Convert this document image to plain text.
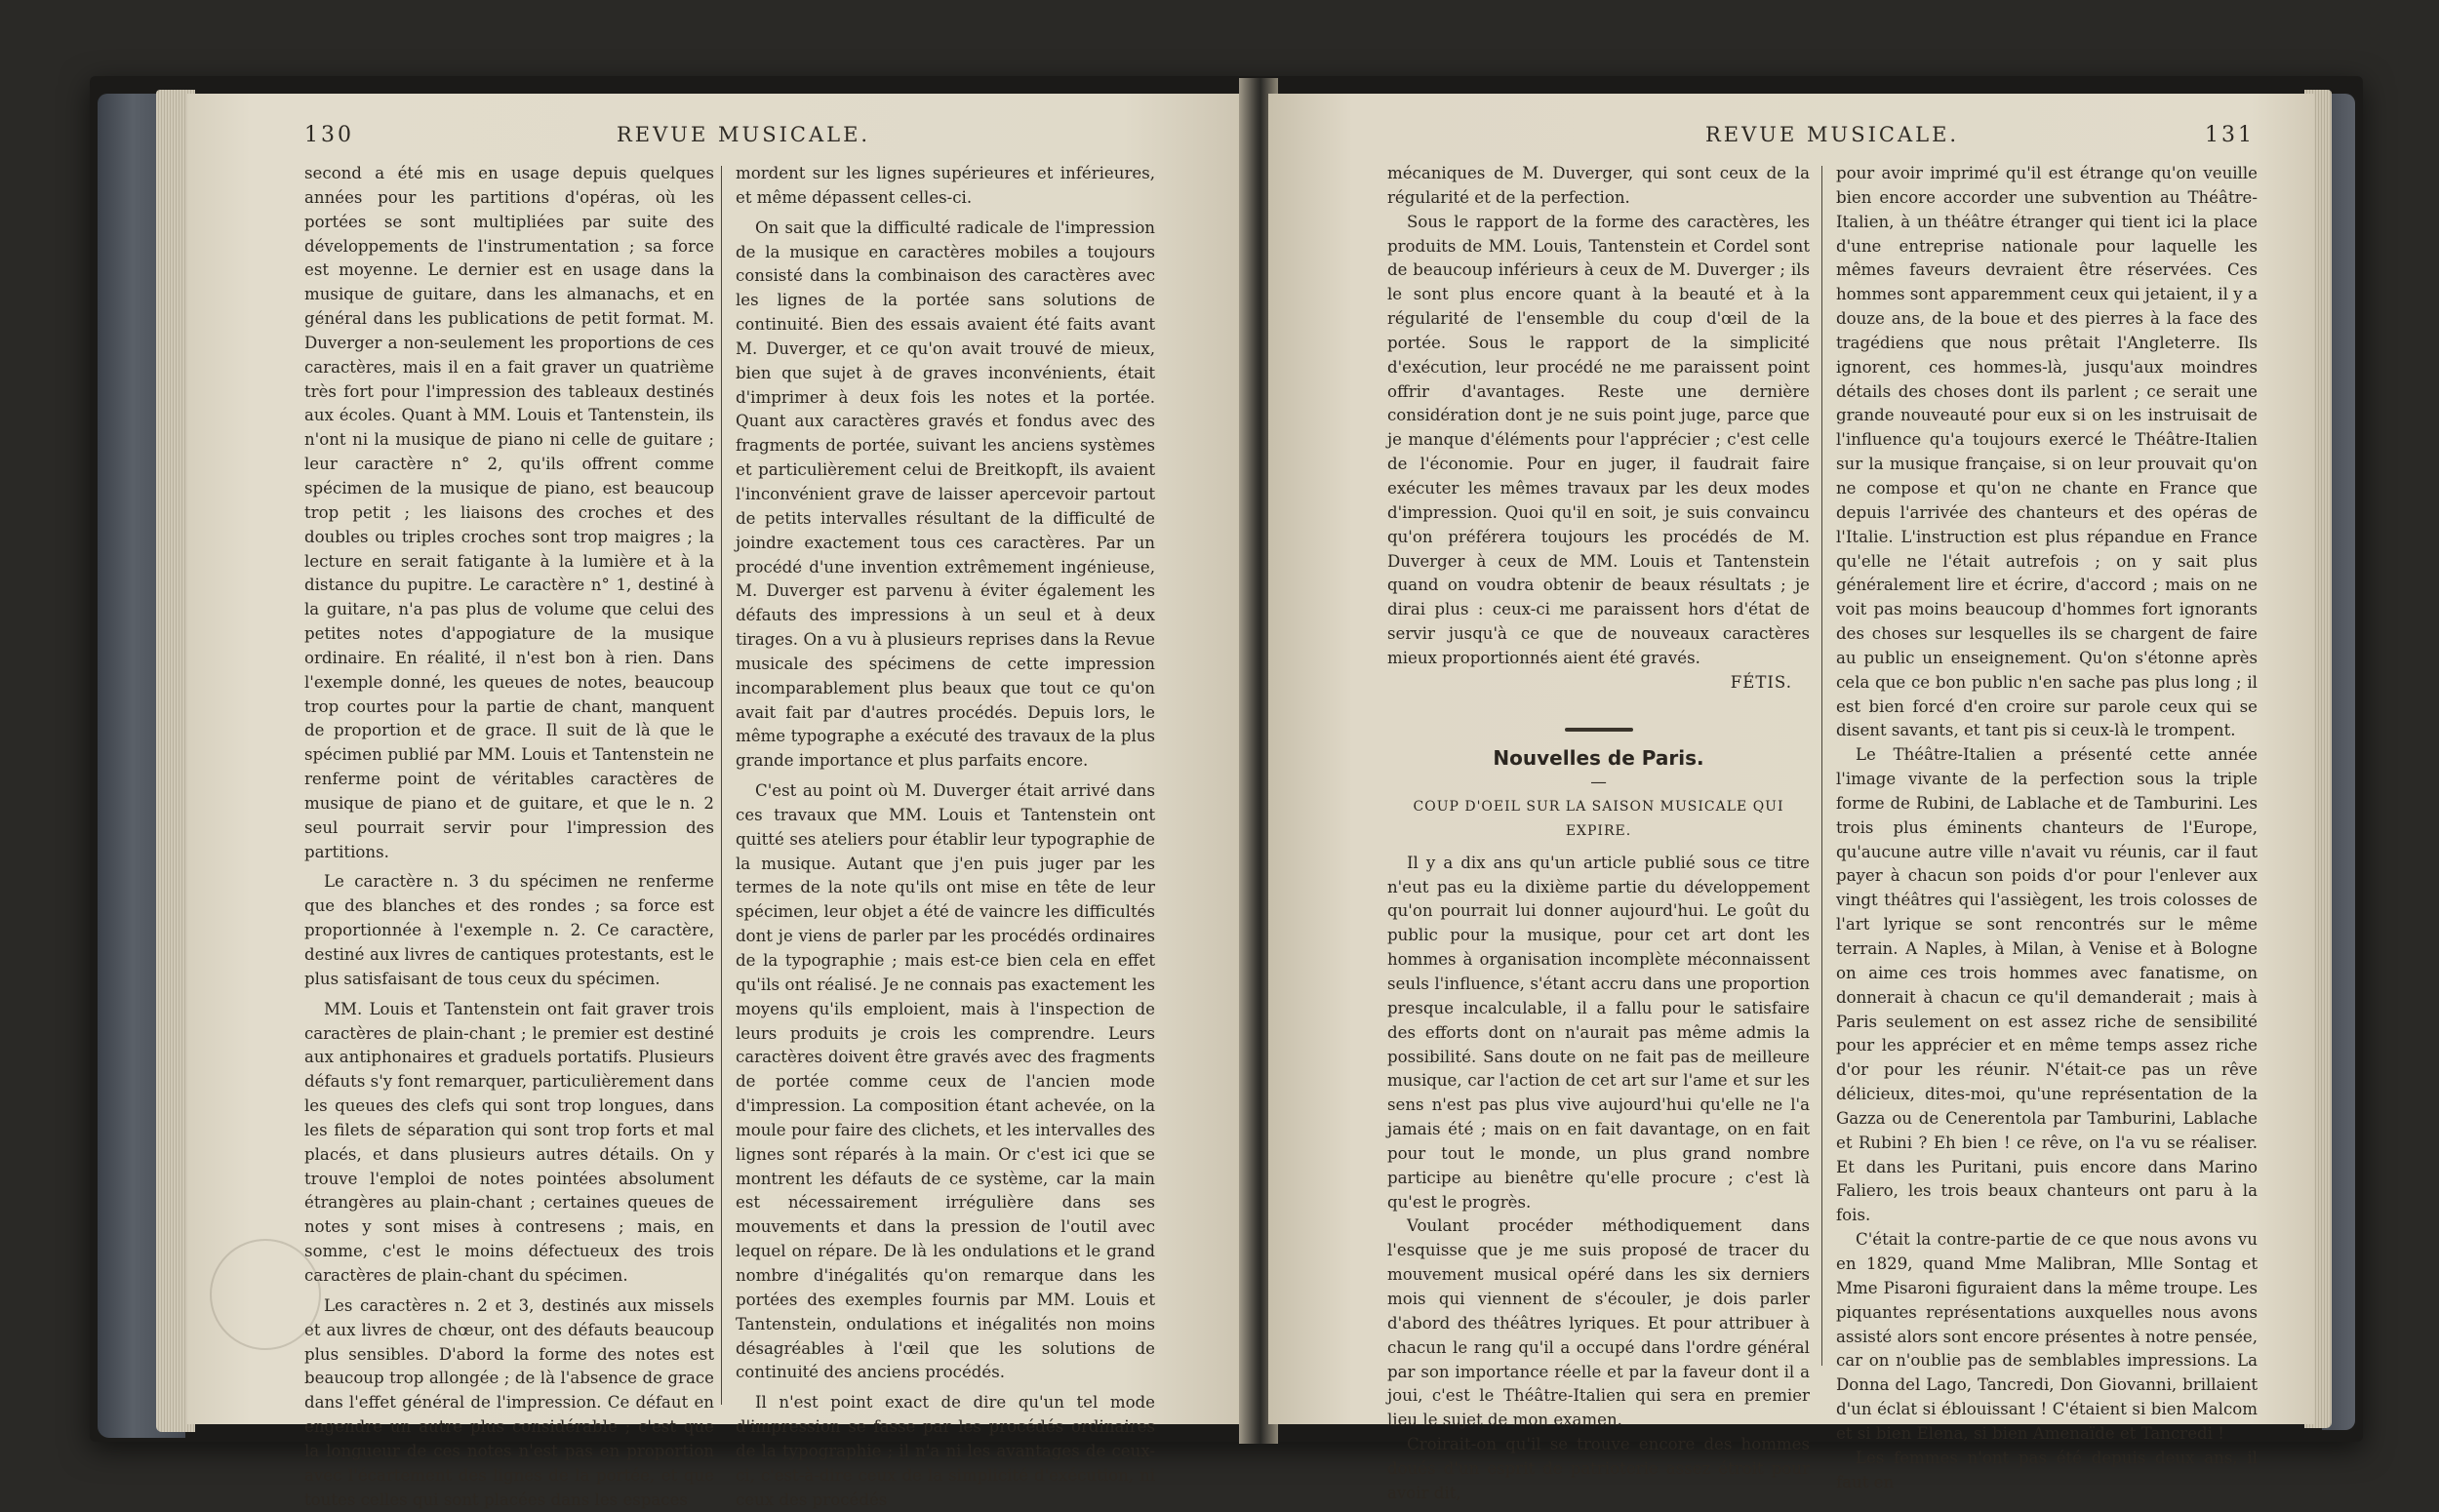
130	REVUE MUSICALE.

second a été mis en usage depuis quelques années pour les partitions d'opéras, où les portées se sont multipliées par suite des développements de l'instrumentation ; sa force est moyenne. Le dernier est en usage dans la musique de guitare, dans les almanachs, et en général dans les publications de petit format. M. Duverger a non-seulement les proportions de ces caractères, mais il en a fait graver un quatrième très fort pour l'impression des tableaux destinés aux écoles. Quant à MM. Louis et Tantenstein, ils n'ont ni la musique de piano ni celle de guitare ; leur caractère n° 2, qu'ils offrent comme spécimen de la musique de piano, est beaucoup trop petit ; les liaisons des croches et des doubles ou triples croches sont trop maigres ; la lecture en serait fatigante à la lumière et à la distance du pupitre. Le caractère n° 1, destiné à la guitare, n'a pas plus de volume que celui des petites notes d'appogiature de la musique ordinaire. En réalité, il n'est bon à rien. Dans l'exemple donné, les queues de notes, beaucoup trop courtes pour la partie de chant, manquent de proportion et de grace. Il suit de là que le spécimen publié par MM. Louis et Tantenstein ne renferme point de véritables caractères de musique de piano et de guitare, et que le n. 2 seul pourrait servir pour l'impression des partitions.

Le caractère n. 3 du spécimen ne renferme que des blanches et des rondes ; sa force est proportionnée à l'exemple n. 2. Ce caractère, destiné aux livres de cantiques protestants, est le plus satisfaisant de tous ceux du spécimen.

MM. Louis et Tantenstein ont fait graver trois caractères de plain-chant ; le premier est destiné aux antiphonaires et graduels portatifs. Plusieurs défauts s'y font remarquer, particulièrement dans les queues des clefs qui sont trop longues, dans les filets de séparation qui sont trop forts et mal placés, et dans plusieurs autres détails. On y trouve l'emploi de notes pointées absolument étrangères au plain-chant ; certaines queues de notes y sont mises à contresens ; mais, en somme, c'est le moins défectueux des trois caractères de plain-chant du spécimen.

Les caractères n. 2 et 3, destinés aux missels et aux livres de chœur, ont des défauts beaucoup plus sensibles. D'abord la forme des notes est beaucoup trop allongée ; de là l'absence de grace dans l'effet général de l'impression. Ce défaut en engendre un autre plus considérable ; c'est que la longueur de ces notes n'est pas en proportion avec l'écartement des lignes de la portée, et que toutes celles qui sont placées dans les espaces

mordent sur les lignes supérieures et inférieures, et même dépassent celles-ci.

On sait que la difficulté radicale de l'impression de la musique en caractères mobiles a toujours consisté dans la combinaison des caractères avec les lignes de la portée sans solutions de continuité. Bien des essais avaient été faits avant M. Duverger, et ce qu'on avait trouvé de mieux, bien que sujet à de graves inconvénients, était d'imprimer à deux fois les notes et la portée. Quant aux caractères gravés et fondus avec des fragments de portée, suivant les anciens systèmes et particulièrement celui de Breitkopft, ils avaient l'inconvénient grave de laisser apercevoir partout de petits intervalles résultant de la difficulté de joindre exactement tous ces caractères. Par un procédé d'une invention extrêmement ingénieuse, M. Duverger est parvenu à éviter également les défauts des impressions à un seul et à deux tirages. On a vu à plusieurs reprises dans la Revue musicale des spécimens de cette impression incomparablement plus beaux que tout ce qu'on avait fait par d'autres procédés. Depuis lors, le même typographe a exécuté des travaux de la plus grande importance et plus parfaits encore.

C'est au point où M. Duverger était arrivé dans ces travaux que MM. Louis et Tantenstein ont quitté ses ateliers pour établir leur typographie de la musique. Autant que j'en puis juger par les termes de la note qu'ils ont mise en tête de leur spécimen, leur objet a été de vaincre les difficultés dont je viens de parler par les procédés ordinaires de la typographie ; mais est-ce bien cela en effet qu'ils ont réalisé. Je ne connais pas exactement les moyens qu'ils emploient, mais à l'inspection de leurs produits je crois les comprendre. Leurs caractères doivent être gravés avec des fragments de portée comme ceux de l'ancien mode d'impression. La composition étant achevée, on la moule pour faire des clichets, et les intervalles des lignes sont réparés à la main. Or c'est ici que se montrent les défauts de ce système, car la main est nécessairement irrégulière dans ses mouvements et dans la pression de l'outil avec lequel on répare. De là les ondulations et le grand nombre d'inégalités qu'on remarque dans les portées des exemples fournis par MM. Louis et Tantenstein, ondulations et inégalités non moins désagréables à l'œil que les solutions de continuité des anciens procédés.

Il n'est point exact de dire qu'un tel mode d'impression se fasse par les procédés ordinaires de la typographie ; il n'a ni les avantages de ceux-ci, c'est-à-dire ceux de la simplicité d'exécution, ni ceux des procédés

REVUE MUSICALE.	131

mécaniques de M. Duverger, qui sont ceux de la régularité et de la perfection.

Sous le rapport de la forme des caractères, les produits de MM. Louis, Tantenstein et Cordel sont de beaucoup inférieurs à ceux de M. Duverger ; ils le sont plus encore quant à la beauté et à la régularité de l'ensemble du coup d'œil de la portée. Sous le rapport de la simplicité d'exécution, leur procédé ne me paraissent point offrir d'avantages. Reste une dernière considération dont je ne suis point juge, parce que je manque d'éléments pour l'apprécier ; c'est celle de l'économie. Pour en juger, il faudrait faire exécuter les mêmes travaux par les deux modes d'impression. Quoi qu'il en soit, je suis convaincu qu'on préférera toujours les procédés de M. Duverger à ceux de MM. Louis et Tantenstein quand on voudra obtenir de beaux résultats ; je dirai plus : ceux-ci me paraissent hors d'état de servir jusqu'à ce que de nouveaux caractères mieux proportionnés aient été gravés.

FÉTIS.

Nouvelles de Paris.

—

COUP D'OEIL SUR LA SAISON MUSICALE QUI EXPIRE.

Il y a dix ans qu'un article publié sous ce titre n'eut pas eu la dixième partie du développement qu'on pourrait lui donner aujourd'hui. Le goût du public pour la musique, pour cet art dont les hommes à organisation incomplète méconnaissent seuls l'influence, s'étant accru dans une proportion presque incalculable, il a fallu pour le satisfaire des efforts dont on n'aurait pas même admis la possibilité. Sans doute on ne fait pas de meilleure musique, car l'action de cet art sur l'ame et sur les sens n'est pas plus vive aujourd'hui qu'elle ne l'a jamais été ; mais on en fait davantage, on en fait pour tout le monde, un plus grand nombre participe au bienêtre qu'elle procure ; c'est là qu'est le progrès.

Voulant procéder méthodiquement dans l'esquisse que je me suis proposé de tracer du mouvement musical opéré dans les six derniers mois qui viennent de s'écouler, je dois parler d'abord des théâtres lyriques. Et pour attribuer à chacun le rang qu'il a occupé dans l'ordre général par son importance réelle et par la faveur dont il a joui, c'est le Théâtre-Italien qui sera en premier lieu le sujet de mon examen.

Croirait-on qu'il se trouve encore des hommes doués d'un esprit de patrioterie assez étroit pour avoir dit,

pour avoir imprimé qu'il est étrange qu'on veuille bien encore accorder une subvention au Théâtre-Italien, à un théâtre étranger qui tient ici la place d'une entreprise nationale pour laquelle les mêmes faveurs devraient être réservées. Ces hommes sont apparemment ceux qui jetaient, il y a douze ans, de la boue et des pierres à la face des tragédiens que nous prêtait l'Angleterre. Ils ignorent, ces hommes-là, jusqu'aux moindres détails des choses dont ils parlent ; ce serait une grande nouveauté pour eux si on les instruisait de l'influence qu'a toujours exercé le Théâtre-Italien sur la musique française, si on leur prouvait qu'on ne compose et qu'on ne chante en France que depuis l'arrivée des chanteurs et des opéras de l'Italie. L'instruction est plus répandue en France qu'elle ne l'était autrefois ; on y sait plus généralement lire et écrire, d'accord ; mais on ne voit pas moins beaucoup d'hommes fort ignorants des choses sur lesquelles ils se chargent de faire au public un enseignement. Qu'on s'étonne après cela que ce bon public n'en sache pas plus long ; il est bien forcé d'en croire sur parole ceux qui se disent savants, et tant pis si ceux-là le trompent.

Le Théâtre-Italien a présenté cette année l'image vivante de la perfection sous la triple forme de Rubini, de Lablache et de Tamburini. Les trois plus éminents chanteurs de l'Europe, qu'aucune autre ville n'avait vu réunis, car il faut payer à chacun son poids d'or pour l'enlever aux vingt théâtres qui l'assiègent, les trois colosses de l'art lyrique se sont rencontrés sur le même terrain. A Naples, à Milan, à Venise et à Bologne on aime ces trois hommes avec fanatisme, on donnerait à chacun ce qu'il demanderait ; mais à Paris seulement on est assez riche de sensibilité pour les apprécier et en même temps assez riche d'or pour les réunir. N'était-ce pas un rêve délicieux, dites-moi, qu'une représentation de la Gazza ou de Cenerentola par Tamburini, Lablache et Rubini ? Eh bien ! ce rêve, on l'a vu se réaliser. Et dans les Puritani, puis encore dans Marino Faliero, les trois beaux chanteurs ont paru à la fois.

C'était la contre-partie de ce que nous avons vu en 1829, quand Mme Malibran, Mlle Sontag et Mme Pisaroni figuraient dans la même troupe. Les piquantes représentations auxquelles nous avons assisté alors sont encore présentes à notre pensée, car on n'oublie pas de semblables impressions. La Donna del Lago, Tancredi, Don Giovanni, brillaient d'un éclat si éblouissant ! C'étaient si bien Malcom et si bien Elena, si bien Amenaïde et Tancredi !

Les femmes n'ont pas été depuis deux ans, il faut en
